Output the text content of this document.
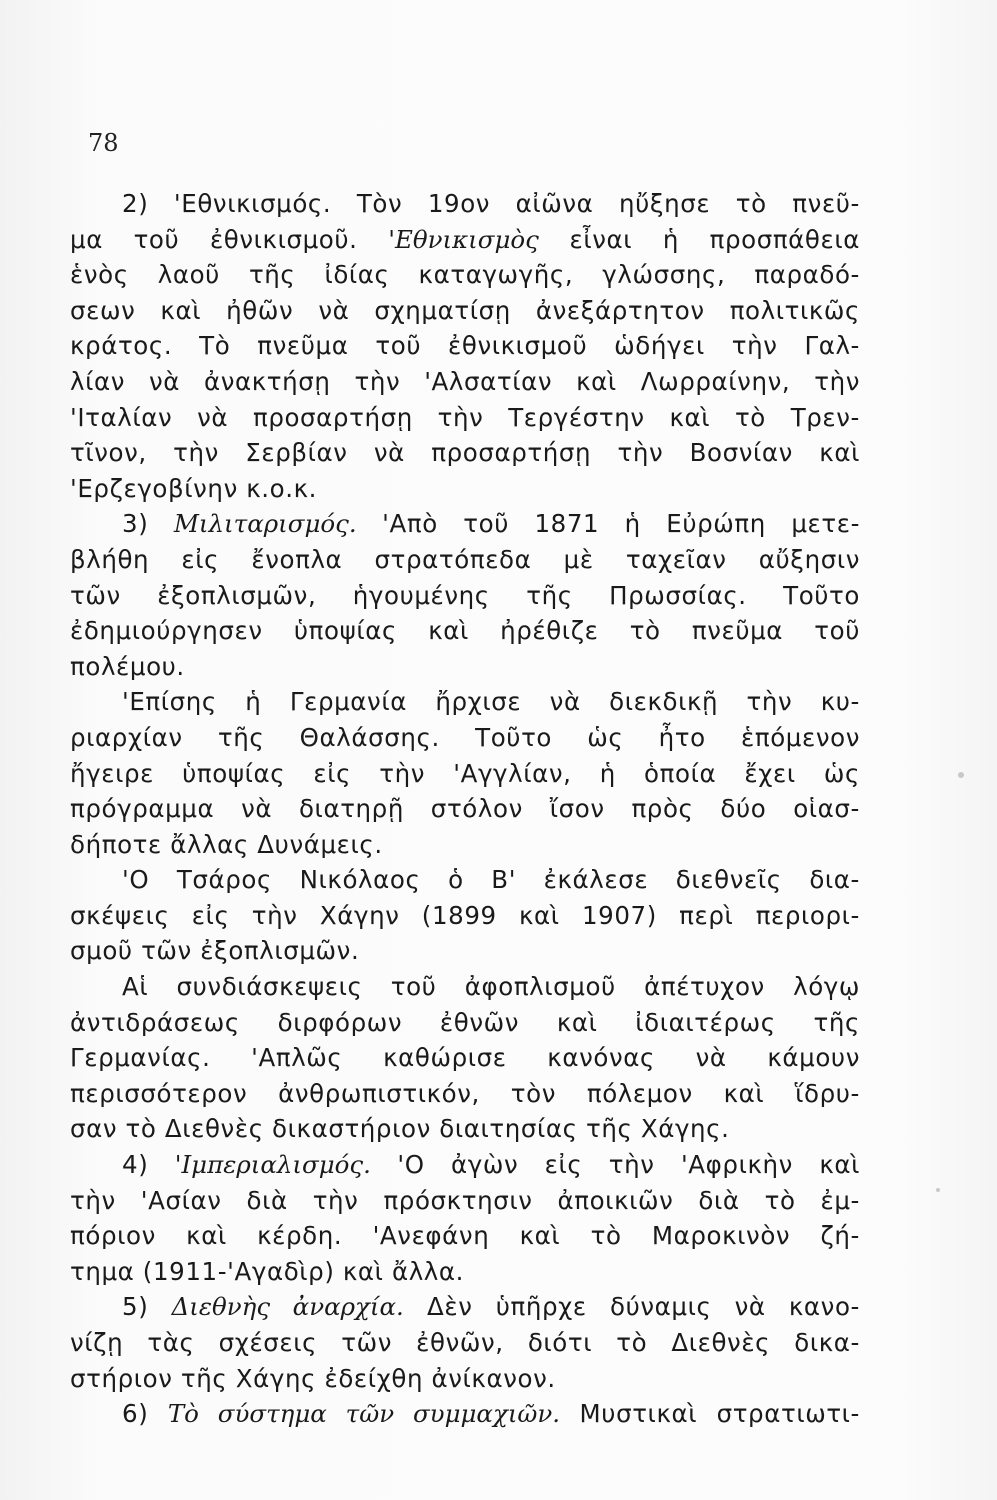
78
2) 'Εθνικισμός. Τὸν 19ον αἰῶνα ηὔξησε τὸ πνεῦ-
μα τοῦ ἐθνικισμοῦ. 'Εθνικισμὸς εἶναι ἡ προσπάθεια
ἑνὸς λαοῦ τῆς ἰδίας καταγωγῆς, γλώσσης, παραδό-
σεων καὶ ἠθῶν νὰ σχηματίσῃ ἀνεξάρτητον πολιτικῶς
κράτος. Τὸ πνεῦμα τοῦ ἐθνικισμοῦ ὡδήγει τὴν Γαλ-
λίαν νὰ ἀνακτήσῃ τὴν 'Αλσατίαν καὶ Λωρραίνην, τὴν
'Ιταλίαν νὰ προσαρτήσῃ τὴν Τεργέστην καὶ τὸ Τρεν-
τῖνον, τὴν Σερβίαν νὰ προσαρτήσῃ τὴν Βοσνίαν καὶ
'Ερζεγοβίνην κ.ο.κ.
3) Μιλιταρισμός. 'Απὸ τοῦ 1871 ἡ Εὐρώπη μετε-
βλήθη εἰς ἔνοπλα στρατόπεδα μὲ ταχεῖαν αὔξησιν
τῶν ἐξοπλισμῶν, ἡγουμένης τῆς Πρωσσίας. Τοῦτο
ἐδημιούργησεν ὑποψίας καὶ ἠρέθιζε τὸ πνεῦμα τοῦ
πολέμου.
'Επίσης ἡ Γερμανία ἤρχισε νὰ διεκδικῇ τὴν κυ-
ριαρχίαν τῆς Θαλάσσης. Τοῦτο ὡς ἦτο ἑπόμενον
ἤγειρε ὑποψίας εἰς τὴν 'Αγγλίαν, ἡ ὁποία ἔχει ὡς
πρόγραμμα νὰ διατηρῇ στόλον ἴσον πρὸς δύο οἱασ-
δήποτε ἄλλας Δυνάμεις.
'Ο Τσάρος Νικόλαος ὁ Β' ἐκάλεσε διεθνεῖς δια-
σκέψεις εἰς τὴν Χάγην (1899 καὶ 1907) περὶ περιορι-
σμοῦ τῶν ἐξοπλισμῶν.
Αἱ συνδιάσκεψεις τοῦ ἀφοπλισμοῦ ἀπέτυχον λόγῳ
ἀντιδράσεως διρφόρων ἐθνῶν καὶ ἰδιαιτέρως τῆς
Γερμανίας. 'Απλῶς καθώρισε κανόνας νὰ κάμουν
περισσότερον ἀνθρωπιστικόν, τὸν πόλεμον καὶ ἵδρυ-
σαν τὸ Διεθνὲς δικαστήριον διαιτησίας τῆς Χάγης.
4) 'Ιμπεριαλισμός. 'Ο ἀγὼν εἰς τὴν 'Αφρικὴν καὶ
τὴν 'Ασίαν διὰ τὴν πρόσκτησιν ἀποικιῶν διὰ τὸ ἐμ-
πόριον καὶ κέρδη. 'Ανεφάνη καὶ τὸ Μαροκινὸν ζή-
τημα (1911-'Αγαδὶρ) καὶ ἄλλα.
5) Διεθνὴς ἀναρχία. Δὲν ὑπῆρχε δύναμις νὰ κανο-
νίζῃ τὰς σχέσεις τῶν ἐθνῶν, διότι τὸ Διεθνὲς δικα-
στήριον τῆς Χάγης ἐδείχθη ἀνίκανον.
6) Τὸ σύστημα τῶν συμμαχιῶν. Μυστικαὶ στρατιωτι-
